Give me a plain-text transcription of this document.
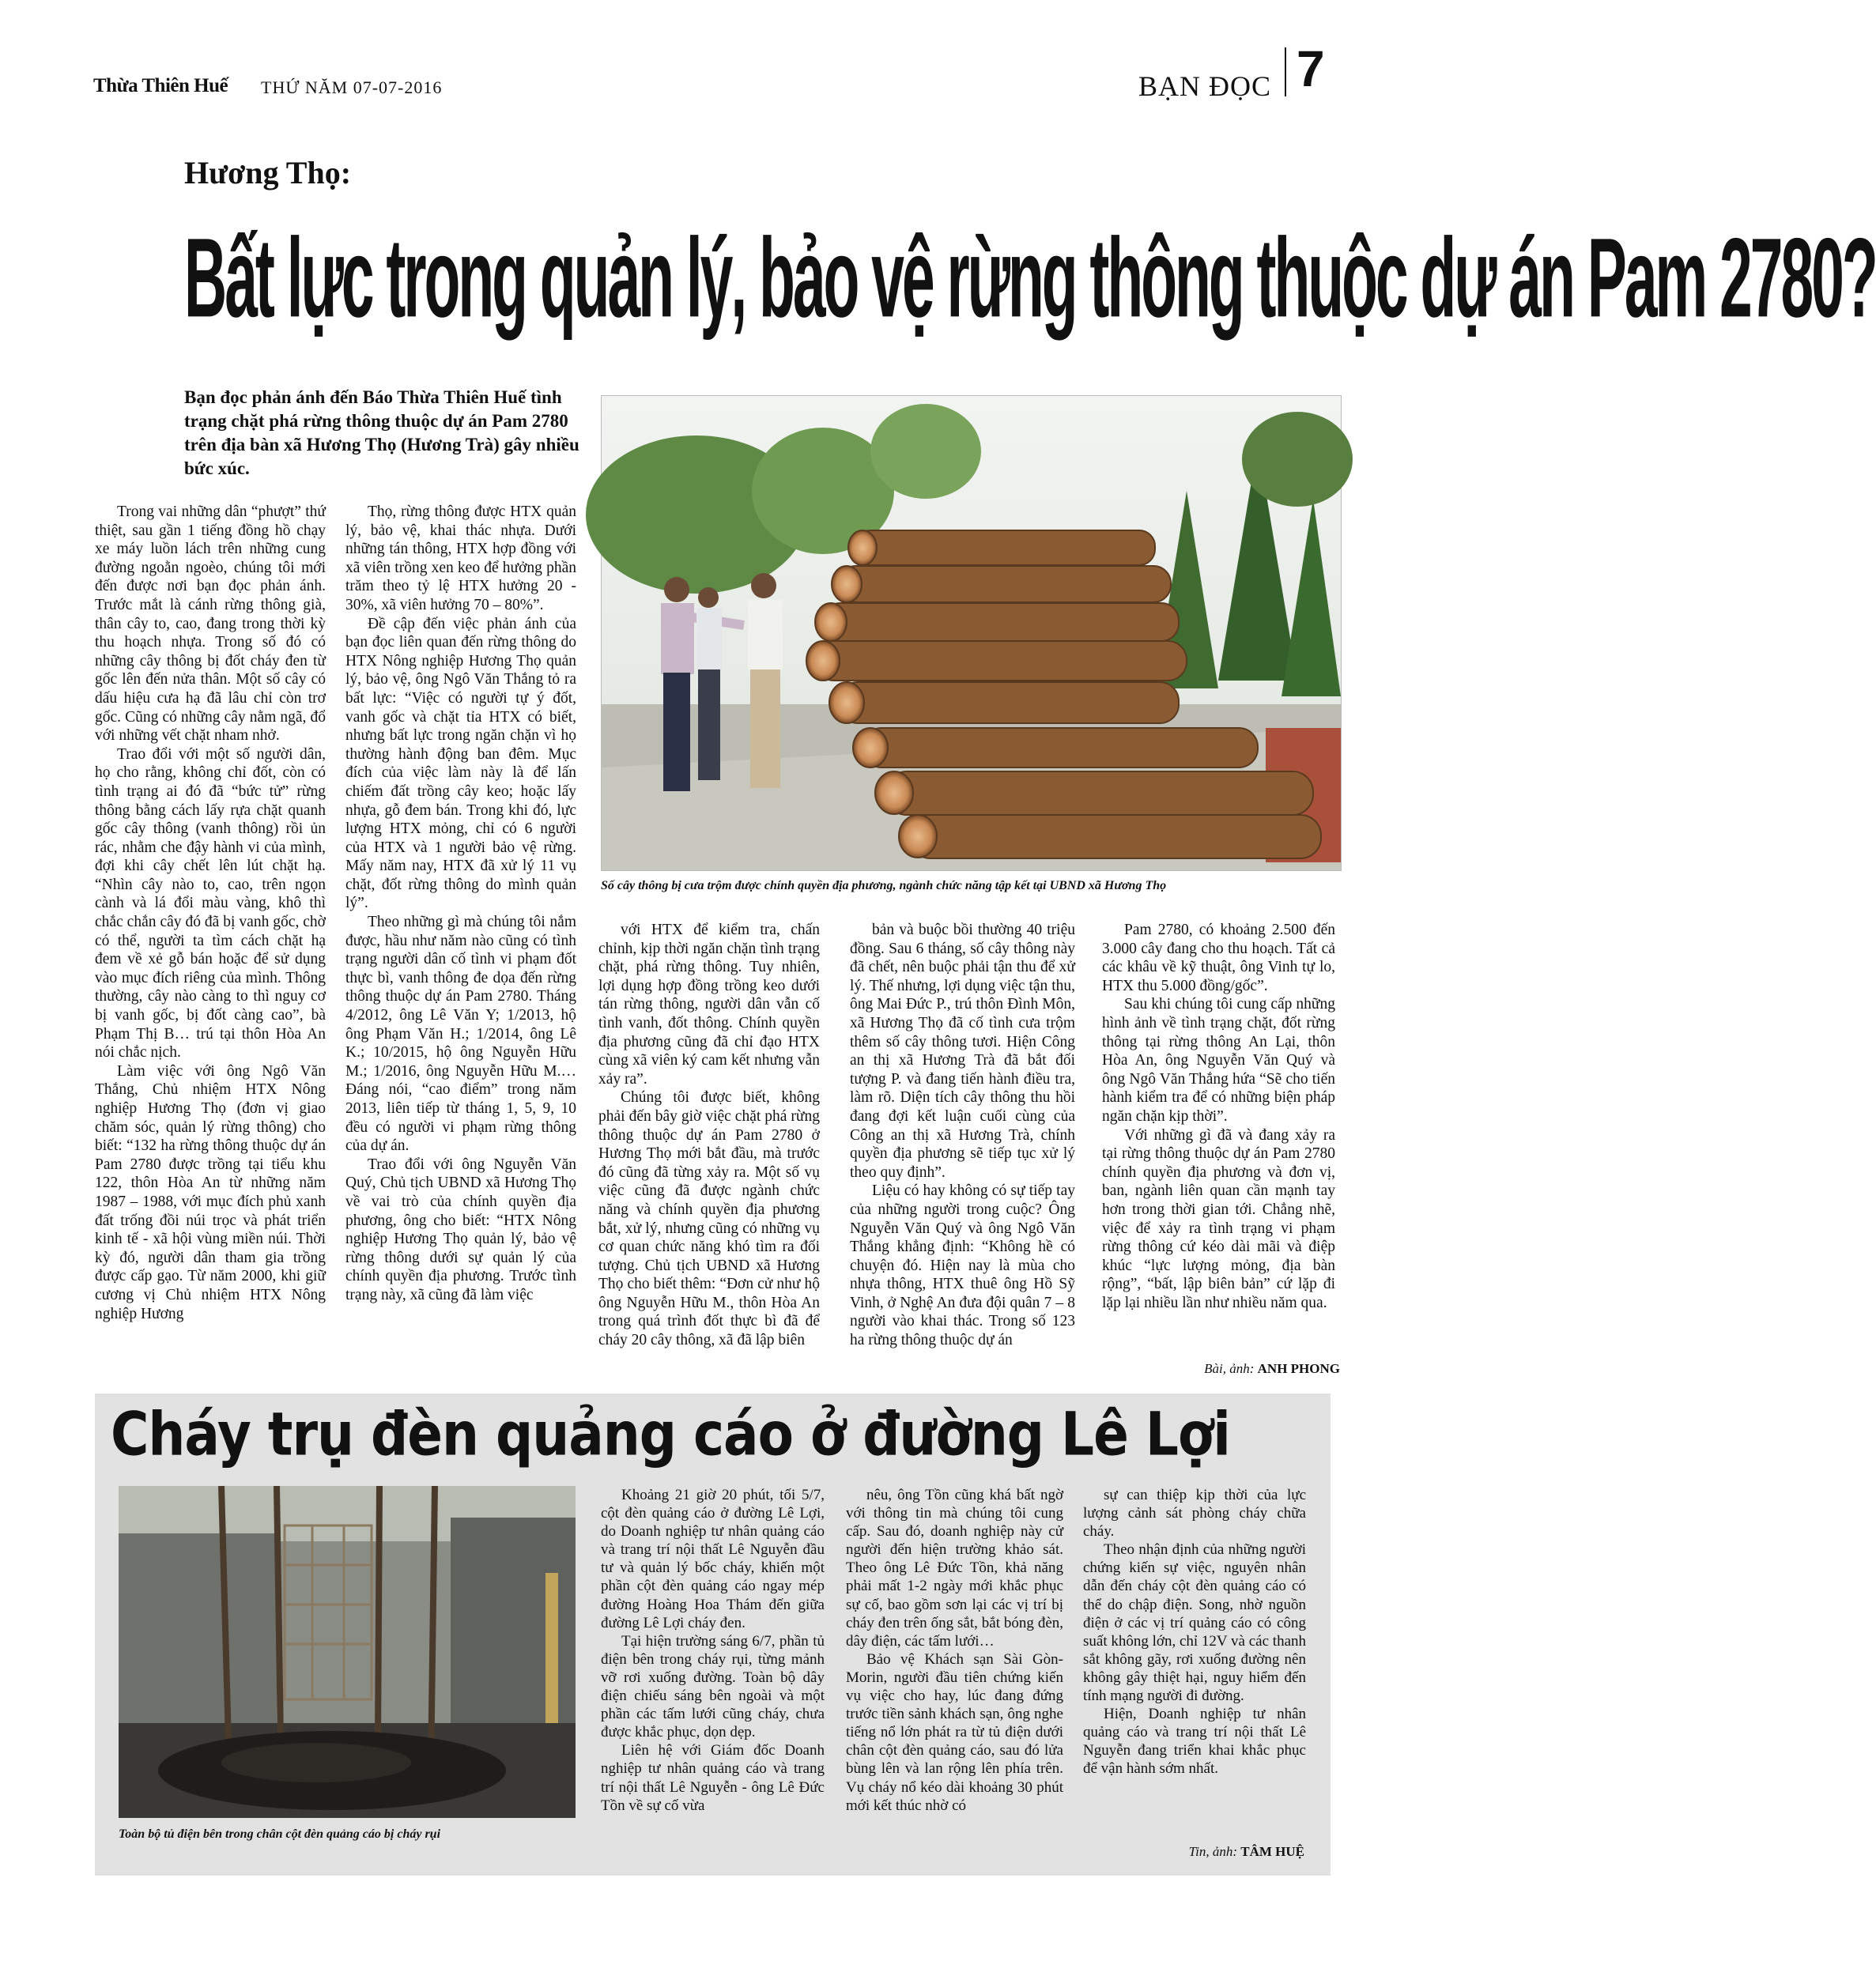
Thừa Thiên Huế THỨ NĂM 07-07-2016	BẠN ĐỌC 7
Hương Thọ:
Bất lực trong quản lý, bảo vệ rừng thông thuộc dự án Pam 2780?
Bạn đọc phản ánh đến Báo Thừa Thiên Huế tình trạng chặt phá rừng thông thuộc dự án Pam 2780 trên địa bàn xã Hương Thọ (Hương Trà) gây nhiều bức xúc.
Số cây thông bị cưa trộm được chính quyền địa phương, ngành chức năng tập kết tại UBND xã Hương Thọ

Trong vai những dân “phượt” thứ thiệt, sau gần 1 tiếng đồng hồ chạy xe máy luồn lách trên những cung đường ngoằn ngoèo, chúng tôi mới đến được nơi bạn đọc phản ánh. Trước mắt là cánh rừng thông già, thân cây to, cao, đang trong thời kỳ thu hoạch nhựa. Trong số đó có những cây thông bị đốt cháy đen từ gốc lên đến nửa thân. Một số cây có dấu hiệu cưa hạ đã lâu chỉ còn trơ gốc. Cũng có những cây nằm ngã, đổ với những vết chặt nham nhở.

Trao đổi với một số người dân, họ cho rằng, không chỉ đốt, còn có tình trạng ai đó đã “bức tử” rừng thông bằng cách lấy rựa chặt quanh gốc cây thông (vanh thông) rồi ủn rác, nhằm che đậy hành vi của mình, đợi khi cây chết lên lút chặt hạ. “Nhìn cây nào to, cao, trên ngọn cành và lá đổi màu vàng, khô thì chắc chắn cây đó đã bị vanh gốc, chờ có thể, người ta tìm cách chặt hạ đem về xẻ gỗ bán hoặc để sử dụng vào mục đích riêng của mình. Thông thường, cây nào càng to thì nguy cơ bị vanh gốc, bị đốt càng cao”, bà Phạm Thị B… trú tại thôn Hòa An nói chắc nịch.

Làm việc với ông Ngô Văn Thắng, Chủ nhiệm HTX Nông nghiệp Hương Thọ (đơn vị giao chăm sóc, quản lý rừng thông) cho biết: “132 ha rừng thông thuộc dự án Pam 2780 được trồng tại tiểu khu 122, thôn Hòa An từ những năm 1987 – 1988, với mục đích phủ xanh đất trống đồi núi trọc và phát triển kinh tế - xã hội vùng miền núi. Thời kỳ đó, người dân tham gia trồng được cấp gạo. Từ năm 2000, khi giữ cương vị Chủ nhiệm HTX Nông nghiệp Hương

Thọ, rừng thông được HTX quản lý, bảo vệ, khai thác nhựa. Dưới những tán thông, HTX hợp đồng với xã viên trồng xen keo để hưởng phần trăm theo tỷ lệ HTX hưởng 20 - 30%, xã viên hưởng 70 – 80%”.

Đề cập đến việc phản ánh của bạn đọc liên quan đến rừng thông do HTX Nông nghiệp Hương Thọ quản lý, bảo vệ, ông Ngô Văn Thắng tỏ ra bất lực: “Việc có người tự ý đốt, vanh gốc và chặt tỉa HTX có biết, nhưng bất lực trong ngăn chặn vì họ thường hành động ban đêm. Mục đích của việc làm này là để lấn chiếm đất trồng cây keo; hoặc lấy nhựa, gỗ đem bán. Trong khi đó, lực lượng HTX mỏng, chỉ có 6 người của HTX và 1 người bảo vệ rừng. Mấy năm nay, HTX đã xử lý 11 vụ chặt, đốt rừng thông do mình quản lý”.

Theo những gì mà chúng tôi nắm được, hầu như năm nào cũng có tình trạng người dân cố tình vi phạm đốt thực bì, vanh thông đe dọa đến rừng thông thuộc dự án Pam 2780. Tháng 4/2012, ông Lê Văn Y; 1/2013, hộ ông Phạm Văn H.; 1/2014, ông Lê K.; 10/2015, hộ ông Nguyễn Hữu M.; 1/2016, ông Nguyễn Hữu M.… Đáng nói, “cao điểm” trong năm 2013, liên tiếp từ tháng 1, 5, 9, 10 đều có người vi phạm rừng thông của dự án.

Trao đổi với ông Nguyễn Văn Quý, Chủ tịch UBND xã Hương Thọ về vai trò của chính quyền địa phương, ông cho biết: “HTX Nông nghiệp Hương Thọ quản lý, bảo vệ rừng thông dưới sự quản lý của chính quyền địa phương. Trước tình trạng này, xã cũng đã làm việc

với HTX để kiểm tra, chấn chỉnh, kịp thời ngăn chặn tình trạng chặt, phá rừng thông. Tuy nhiên, lợi dụng hợp đồng trồng keo dưới tán rừng thông, người dân vẫn cố tình vanh, đốt thông. Chính quyền địa phương cũng đã chỉ đạo HTX cùng xã viên ký cam kết nhưng vẫn xảy ra”.

Chúng tôi được biết, không phải đến bây giờ việc chặt phá rừng thông thuộc dự án Pam 2780 ở Hương Thọ mới bắt đầu, mà trước đó cũng đã từng xảy ra. Một số vụ việc cũng đã được ngành chức năng và chính quyền địa phương bắt, xử lý, nhưng cũng có những vụ cơ quan chức năng khó tìm ra đối tượng. Chủ tịch UBND xã Hương Thọ cho biết thêm: “Đơn cử như hộ ông Nguyễn Hữu M., thôn Hòa An trong quá trình đốt thực bì đã để cháy 20 cây thông, xã đã lập biên

bản và buộc bồi thường 40 triệu đồng. Sau 6 tháng, số cây thông này đã chết, nên buộc phải tận thu để xử lý. Thế nhưng, lợi dụng việc tận thu, ông Mai Đức P., trú thôn Đình Môn, xã Hương Thọ đã cố tình cưa trộm thêm số cây thông tươi. Hiện Công an thị xã Hương Trà đã bắt đối tượng P. và đang tiến hành điều tra, làm rõ. Diện tích cây thông thu hồi đang đợi kết luận cuối cùng của Công an thị xã Hương Trà, chính quyền địa phương sẽ tiếp tục xử lý theo quy định”.

Liệu có hay không có sự tiếp tay của những người trong cuộc? Ông Nguyễn Văn Quý và ông Ngô Văn Thắng khẳng định: “Không hề có chuyện đó. Hiện nay là mùa cho nhựa thông, HTX thuê ông Hồ Sỹ Vinh, ở Nghệ An đưa đội quân 7 – 8 người vào khai thác. Trong số 123 ha rừng thông thuộc dự án

Pam 2780, có khoảng 2.500 đến 3.000 cây đang cho thu hoạch. Tất cả các khâu về kỹ thuật, ông Vinh tự lo, HTX thu 5.000 đồng/gốc”.

Sau khi chúng tôi cung cấp những hình ảnh về tình trạng chặt, đốt rừng thông tại rừng thông An Lại, thôn Hòa An, ông Nguyễn Văn Quý và ông Ngô Văn Thắng hứa “Sẽ cho tiến hành kiểm tra để có những biện pháp ngăn chặn kịp thời”.

Với những gì đã và đang xảy ra tại rừng thông thuộc dự án Pam 2780 chính quyền địa phương và đơn vị, ban, ngành liên quan cần mạnh tay hơn trong thời gian tới. Chẳng nhẽ, việc để xảy ra tình trạng vi phạm rừng thông cứ kéo dài mãi và điệp khúc “lực lượng mỏng, địa bàn rộng”, “bất, lập biên bản” cứ lặp đi lặp lại nhiều lần như nhiều năm qua.

Bài, ảnh: ANH PHONG
Cháy trụ đèn quảng cáo ở đường Lê Lợi
Toàn bộ tủ điện bên trong chân cột đèn quảng cáo bị cháy rụi

Khoảng 21 giờ 20 phút, tối 5/7, cột đèn quảng cáo ở đường Lê Lợi, do Doanh nghiệp tư nhân quảng cáo và trang trí nội thất Lê Nguyễn đầu tư và quản lý bốc cháy, khiến một phần cột đèn quảng cáo ngay mép đường Hoàng Hoa Thám đến giữa đường Lê Lợi cháy đen.

Tại hiện trường sáng 6/7, phần tủ điện bên trong cháy rụi, từng mảnh vỡ rơi xuống đường. Toàn bộ dây điện chiếu sáng bên ngoài và một phần các tấm lưới cũng cháy, chưa được khắc phục, dọn dẹp.

Liên hệ với Giám đốc Doanh nghiệp tư nhân quảng cáo và trang trí nội thất Lê Nguyễn - ông Lê Đức Tồn về sự cố vừa

nêu, ông Tồn cũng khá bất ngờ với thông tin mà chúng tôi cung cấp. Sau đó, doanh nghiệp này cử người đến hiện trường khảo sát. Theo ông Lê Đức Tồn, khả năng phải mất 1-2 ngày mới khắc phục sự cố, bao gồm sơn lại các vị trí bị cháy đen trên ống sắt, bắt bóng đèn, dây điện, các tấm lưới…

Bảo vệ Khách sạn Sài Gòn- Morin, người đầu tiên chứng kiến vụ việc cho hay, lúc đang đứng trước tiền sảnh khách sạn, ông nghe tiếng nổ lớn phát ra từ tủ điện dưới chân cột đèn quảng cáo, sau đó lửa bùng lên và lan rộng lên phía trên. Vụ cháy nổ kéo dài khoảng 30 phút mới kết thúc nhờ có

sự can thiệp kịp thời của lực lượng cảnh sát phòng cháy chữa cháy.

Theo nhận định của những người chứng kiến sự việc, nguyên nhân dẫn đến cháy cột đèn quảng cáo có thể do chập điện. Song, nhờ nguồn điện ở các vị trí quảng cáo có công suất không lớn, chỉ 12V và các thanh sắt không gãy, rơi xuống đường nên không gây thiệt hại, nguy hiểm đến tính mạng người đi đường.

Hiện, Doanh nghiệp tư nhân quảng cáo và trang trí nội thất Lê Nguyễn đang triển khai khắc phục để vận hành sớm nhất.

Tin, ảnh: TÂM HUỆ
